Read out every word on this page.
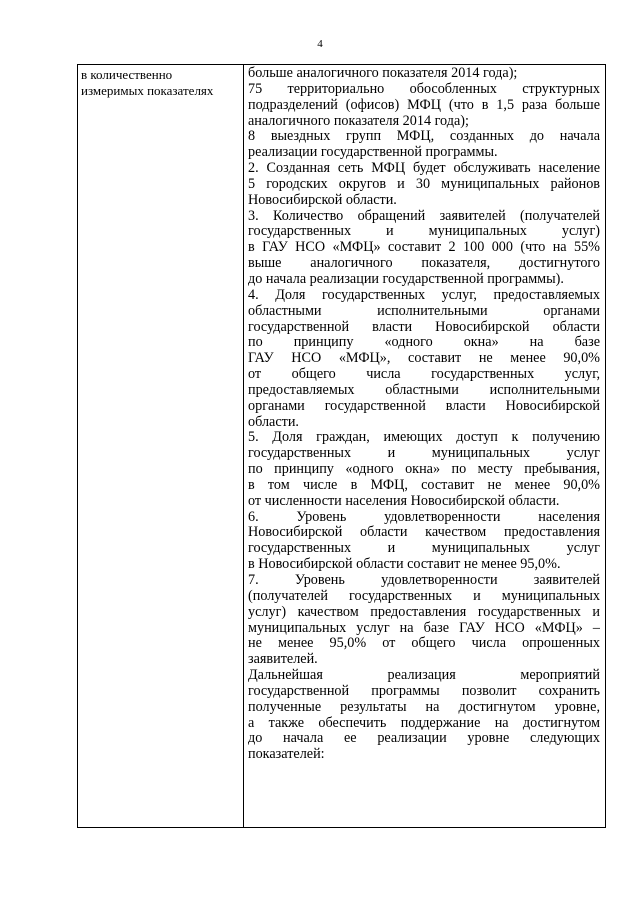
4
в количественно
измеримых показателях
больше аналогичного показателя 2014 года);
75 территориально обособленных структурных
подразделений (офисов) МФЦ (что в 1,5 раза больше
аналогичного показателя 2014 года);
8 выездных групп МФЦ, созданных до начала
реализации государственной программы.
2. Созданная сеть МФЦ будет обслуживать население
5 городских округов и 30 муниципальных районов
Новосибирской области.
3. Количество обращений заявителей (получателей
государственных и муниципальных услуг)
в ГАУ НСО «МФЦ» составит 2 100 000 (что на 55%
выше аналогичного показателя, достигнутого
до начала реализации государственной программы).
4. Доля государственных услуг, предоставляемых
областными исполнительными органами
государственной власти Новосибирской области
по принципу «одного окна» на базе
ГАУ НСО «МФЦ», составит не менее 90,0%
от общего числа государственных услуг,
предоставляемых областными исполнительными
органами государственной власти Новосибирской
области.
5. Доля граждан, имеющих доступ к получению
государственных и муниципальных услуг
по принципу «одного окна» по месту пребывания,
в том числе в МФЦ, составит не менее 90,0%
от численности населения Новосибирской области.
6. Уровень удовлетворенности населения
Новосибирской области качеством предоставления
государственных и муниципальных услуг
в Новосибирской области составит не менее 95,0%.
7. Уровень удовлетворенности заявителей
(получателей государственных и муниципальных
услуг) качеством предоставления государственных и
муниципальных услуг на базе ГАУ НСО «МФЦ» –
не менее 95,0% от общего числа опрошенных
заявителей.
Дальнейшая реализация мероприятий
государственной программы позволит сохранить
полученные результаты на достигнутом уровне,
а также обеспечить поддержание на достигнутом
до начала ее реализации уровне следующих
показателей:
